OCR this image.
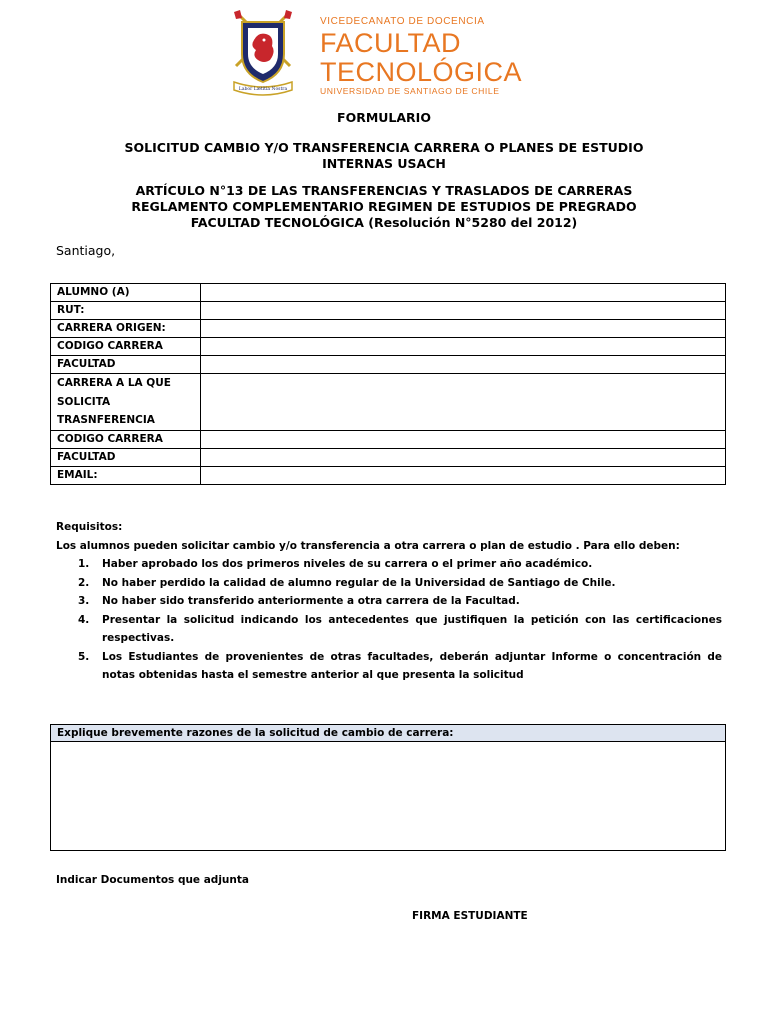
Labor Lætitia Nostra
VICEDECANATO DE DOCENCIA
FACULTAD
TECNOLÓGICA
UNIVERSIDAD DE SANTIAGO DE CHILE
FORMULARIO
SOLICITUD CAMBIO Y/O TRANSFERENCIA CARRERA O PLANES DE ESTUDIO
INTERNAS USACH
ARTÍCULO N°13 DE LAS TRANSFERENCIAS Y TRASLADOS DE CARRERAS
REGLAMENTO COMPLEMENTARIO REGIMEN DE ESTUDIOS DE PREGRADO
FACULTAD TECNOLÓGICA (Resolución N°5280 del 2012)
Santiago,
ALUMNO (A)	
RUT:	
CARRERA ORIGEN:	
CODIGO CARRERA	
FACULTAD	

CARRERA A LA QUE
SOLICITA
TRASNFERENCIA	

CODIGO CARRERA	
FACULTAD	
EMAIL:	
Requisitos:
Los alumnos pueden solicitar cambio y/o transferencia a otra carrera o plan de estudio . Para ello deben:
1. Haber aprobado los dos primeros niveles de su carrera o el primer año académico.
2. No haber perdido la calidad de alumno regular de la Universidad de Santiago de Chile.
3. No haber sido transferido anteriormente a otra carrera de la Facultad.
4. Presentar la solicitud indicando los antecedentes que justifiquen la petición con las certificaciones respectivas.
5. Los Estudiantes de provenientes de otras facultades, deberán adjuntar Informe o concentración de notas obtenidas hasta el semestre anterior al que presenta la solicitud
Explique brevemente razones de la solicitud de cambio de carrera:
Indicar Documentos que adjunta
FIRMA ESTUDIANTE
